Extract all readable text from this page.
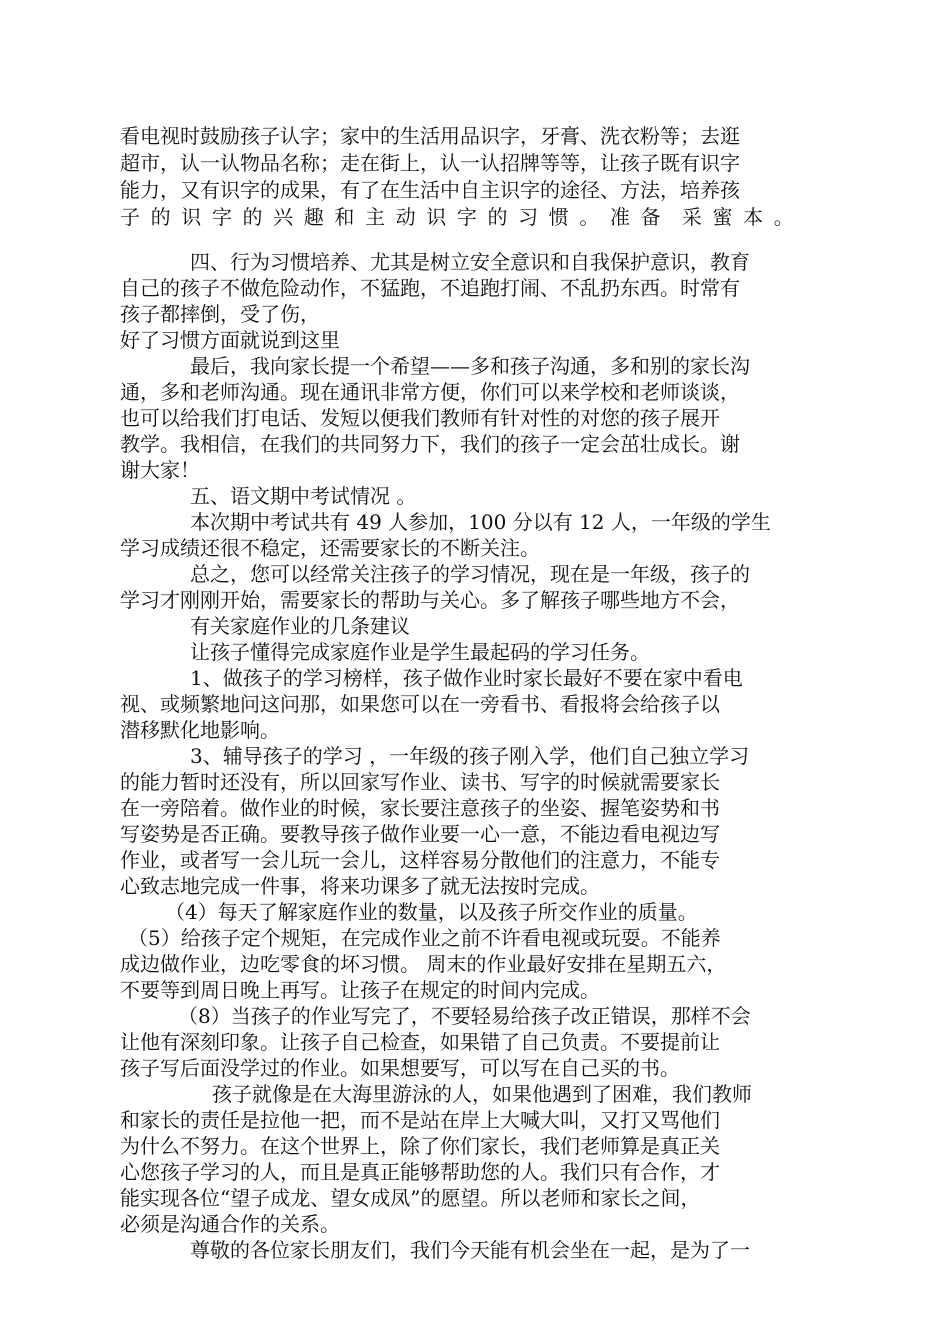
看电视时鼓励孩子认字；家中的生活用品识字，牙膏、洗衣粉等；去逛
超市，认一认物品名称；走在街上，认一认招牌等等，让孩子既有识字
能力，又有识字的成果，有了在生活中自主识字的途径、方法，培养孩
子 的 识 字 的 兴 趣 和 主 动 识 字 的 习 惯 。 准 备 采 蜜 本 。
四、行为习惯培养、尤其是树立安全意识和自我保护意识，教育
自己的孩子不做危险动作，不猛跑，不追跑打闹、不乱扔东西。时常有
孩子都摔倒，受了伤，
好了习惯方面就说到这里
最后，我向家长提一个希望——多和孩子沟通，多和别的家长沟
通，多和老师沟通。现在通讯非常方便，你们可以来学校和老师谈谈，
也可以给我们打电话、发短以便我们教师有针对性的对您的孩子展开
教学。我相信，在我们的共同努力下，我们的孩子一定会茁壮成长。谢
谢大家！
五、语文期中考试情况 。
本次期中考试共有 49 人参加，100 分以有 12 人，一年级的学生
学习成绩还很不稳定，还需要家长的不断关注。
总之，您可以经常关注孩子的学习情况，现在是一年级，孩子的
学习才刚刚开始，需要家长的帮助与关心。多了解孩子哪些地方不会，
有关家庭作业的几条建议
让孩子懂得完成家庭作业是学生最起码的学习任务。
1、做孩子的学习榜样，孩子做作业时家长最好不要在家中看电
视、或频繁地问这问那，如果您可以在一旁看书、看报将会给孩子以
潜移默化地影响。
3、辅导孩子的学习 ，一年级的孩子刚入学，他们自己独立学习
的能力暂时还没有，所以回家写作业、读书、写字的时候就需要家长
在一旁陪着。做作业的时候，家长要注意孩子的坐姿、握笔姿势和书
写姿势是否正确。要教导孩子做作业要一心一意，不能边看电视边写
作业，或者写一会儿玩一会儿，这样容易分散他们的注意力，不能专
心致志地完成一件事，将来功课多了就无法按时完成。
（4）每天了解家庭作业的数量，以及孩子所交作业的质量。
（5）给孩子定个规矩，在完成作业之前不许看电视或玩耍。不能养
成边做作业，边吃零食的坏习惯。 周末的作业最好安排在星期五六，
不要等到周日晚上再写。让孩子在规定的时间内完成。
（8）当孩子的作业写完了，不要轻易给孩子改正错误，那样不会
让他有深刻印象。让孩子自己检查，如果错了自己负责。不要提前让
孩子写后面没学过的作业。如果想要写，可以写在自己买的书。
孩子就像是在大海里游泳的人，如果他遇到了困难，我们教师
和家长的责任是拉他一把，而不是站在岸上大喊大叫，又打又骂他们
为什么不努力。在这个世界上，除了你们家长，我们老师算是真正关
心您孩子学习的人，而且是真正能够帮助您的人。我们只有合作，才
能实现各位“望子成龙、望女成凤”的愿望。所以老师和家长之间，
必须是沟通合作的关系。
尊敬的各位家长朋友们，我们今天能有机会坐在一起，是为了一
